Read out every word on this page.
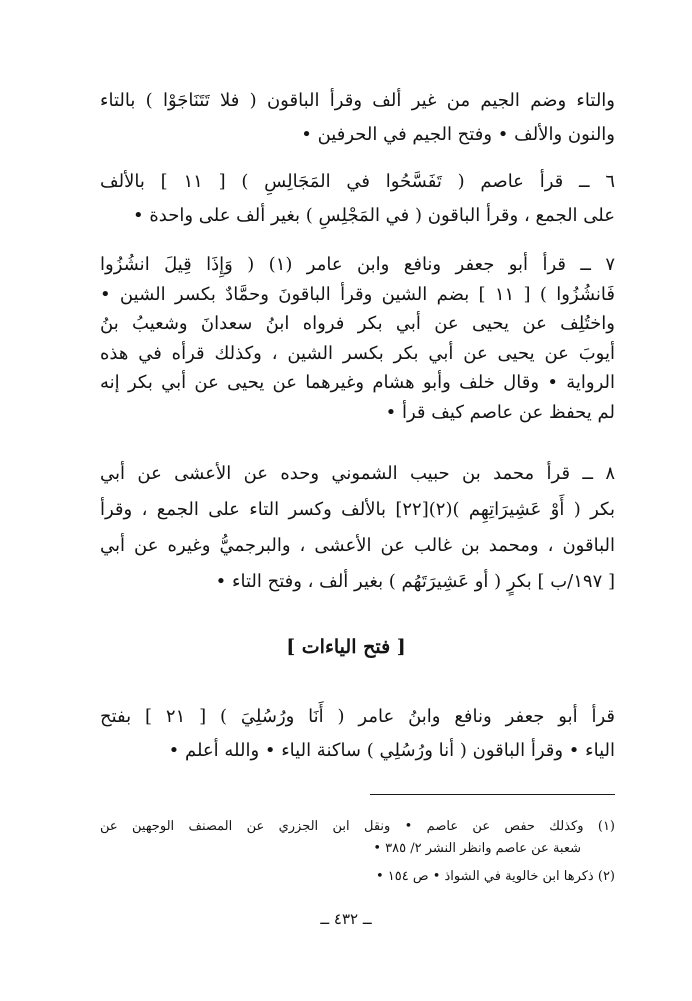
والتاء وضم الجيم من غير ألف وقرأ الباقون ( فلا تَتَنَاجَوْا ) بالتاء
والنون والألف • وفتح الجيم في الحرفين •
٦ ــ قرأ عاصم ( تَفَسَّحُوا في المَجَالِسِ ) [ ١١ ] بالألف
على الجمع ، وقرأ الباقون ( في المَجْلِسِ ) بغير ألف على واحدة •
٧ ــ قرأ أبو جعفر ونافع وابن عامر (١) ( وَإِذَا قِيلَ انشُزُوا
فَانشُزُوا ) [ ١١ ] بضم الشين وقرأ الباقونَ وحمَّادٌ بكسر الشين •
واختُلِف عن يحيى عن أبي بكر فرواه ابنُ سعدانَ وشعيبُ بنُ
أيوبَ عن يحيى عن أبي بكر بكسر الشين ، وكذلك قرأه في هذه
الرواية • وقال خلف وأبو هشام وغيرهما عن يحيى عن أبي بكر إنه
لم يحفظ عن عاصم كيف قرأ •
٨ ــ قرأ محمد بن حبيب الشموني وحده عن الأعشى عن أبي
بكر ( أَوْ عَشِيرَاتِهِم )(٢)[٢٢] بالألف وكسر التاء على الجمع ، وقرأ
الباقون ، ومحمد بن غالب عن الأعشى ، والبرجميُّ وغيره عن أبي
[ ١٩٧/ب ] بكرٍ ( أو عَشِيرَتَهُم ) بغير ألف ، وفتح التاء •
[ فتح الياءات ]
قرأ أبو جعفر ونافع وابنُ عامر ( أَنَا ورُسُلِيَ ) [ ٢١ ] بفتح
الياء • وقرأ الباقون ( أنا ورُسُلِي ) ساكنة الياء • والله أعلم •
(١) وكذلك حفص عن عاصم • ونقل ابن الجزري عن المصنف الوجهين عن
شعبة عن عاصم وانظر النشر ٢/ ٣٨٥ •
(٢) ذكرها ابن خالوية في الشواذ • ص ١٥٤ •
ــ ٤٣٢ ــ
